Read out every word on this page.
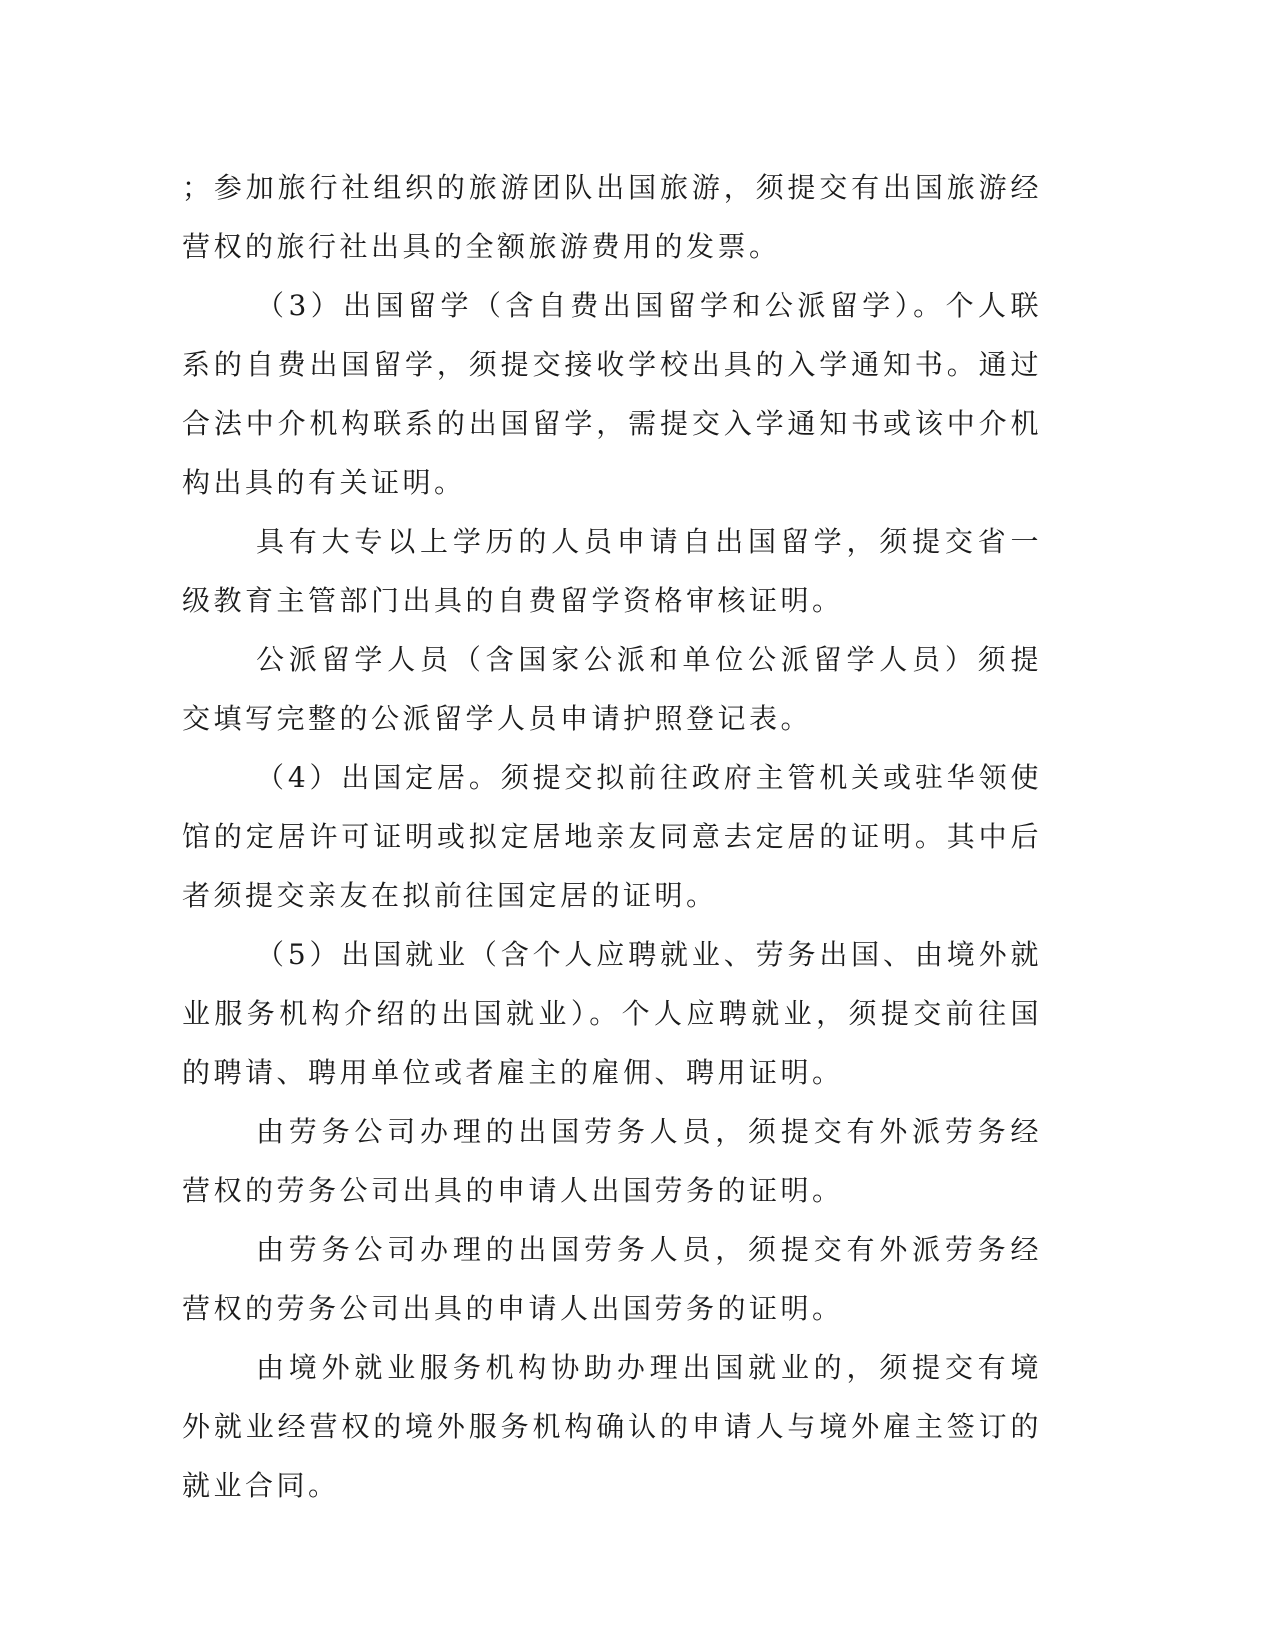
；参加旅行社组织的旅游团队出国旅游，须提交有出国旅游经营权的旅行社出具的全额旅游费用的发票。

（3）出国留学（含自费出国留学和公派留学）。个人联系的自费出国留学，须提交接收学校出具的入学通知书。通过合法中介机构联系的出国留学，需提交入学通知书或该中介机构出具的有关证明。

具有大专以上学历的人员申请自出国留学，须提交省一级教育主管部门出具的自费留学资格审核证明。

公派留学人员（含国家公派和单位公派留学人员）须提交填写完整的公派留学人员申请护照登记表。

（4）出国定居。须提交拟前往政府主管机关或驻华领使馆的定居许可证明或拟定居地亲友同意去定居的证明。其中后者须提交亲友在拟前往国定居的证明。

（5）出国就业（含个人应聘就业、劳务出国、由境外就业服务机构介绍的出国就业）。个人应聘就业，须提交前往国的聘请、聘用单位或者雇主的雇佣、聘用证明。

由劳务公司办理的出国劳务人员，须提交有外派劳务经营权的劳务公司出具的申请人出国劳务的证明。

由劳务公司办理的出国劳务人员，须提交有外派劳务经营权的劳务公司出具的申请人出国劳务的证明。

由境外就业服务机构协助办理出国就业的，须提交有境外就业经营权的境外服务机构确认的申请人与境外雇主签订的就业合同。
